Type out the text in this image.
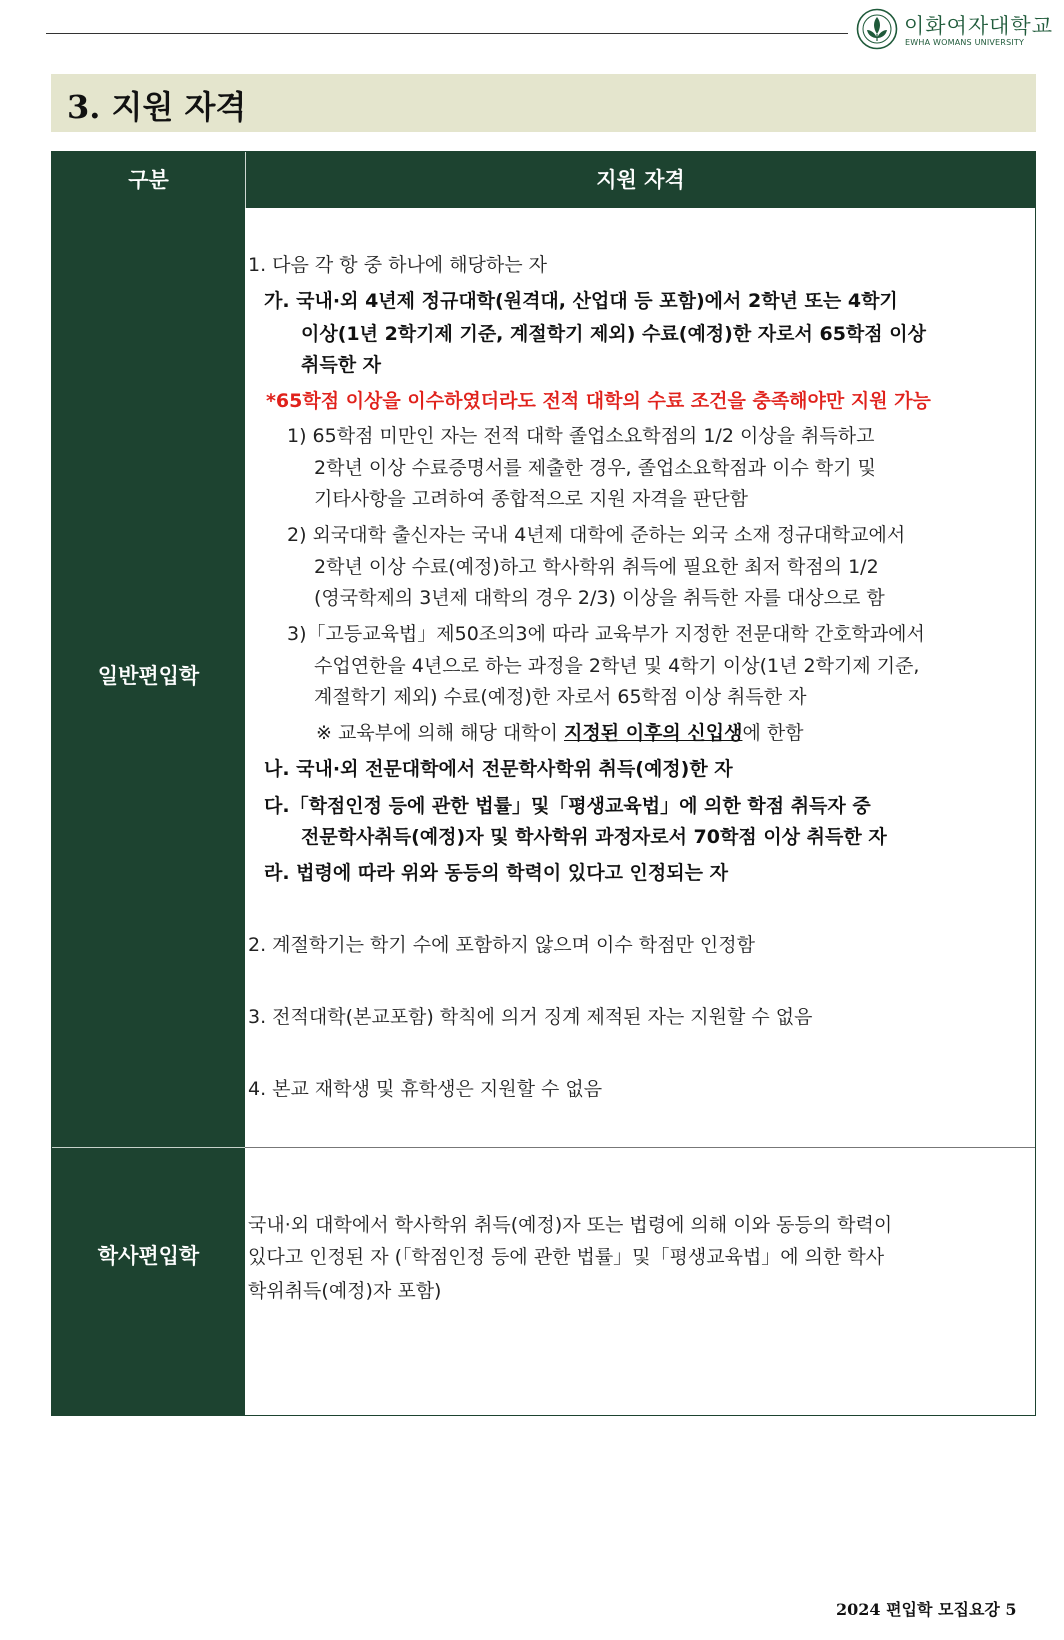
이화여자대학교
EWHA WOMANS UNIVERSITY
3. 지원 자격
구분	지원 자격
일반편입학
학사편입학
1. 다음 각 항 중 하나에 해당하는 자
가. 국내·외 4년제 정규대학(원격대, 산업대 등 포함)에서 2학년 또는 4학기
이상(1년 2학기제 기준, 계절학기 제외) 수료(예정)한 자로서 65학점 이상
취득한 자
*65학점 이상을 이수하였더라도 전적 대학의 수료 조건을 충족해야만 지원 가능
1) 65학점 미만인 자는 전적 대학 졸업소요학점의 1/2 이상을 취득하고
2학년 이상 수료증명서를 제출한 경우, 졸업소요학점과 이수 학기 및
기타사항을 고려하여 종합적으로 지원 자격을 판단함
2) 외국대학 출신자는 국내 4년제 대학에 준하는 외국 소재 정규대학교에서
2학년 이상 수료(예정)하고 학사학위 취득에 필요한 최저 학점의 1/2
(영국학제의 3년제 대학의 경우 2/3) 이상을 취득한 자를 대상으로 함
3)「고등교육법」제50조의3에 따라 교육부가 지정한 전문대학 간호학과에서
수업연한을 4년으로 하는 과정을 2학년 및 4학기 이상(1년 2학기제 기준,
계절학기 제외) 수료(예정)한 자로서 65학점 이상 취득한 자
※ 교육부에 의해 해당 대학이 지정된 이후의 신입생에 한함
나. 국내·외 전문대학에서 전문학사학위 취득(예정)한 자
다.「학점인정 등에 관한 법률」및「평생교육법」에 의한 학점 취득자 중
전문학사취득(예정)자 및 학사학위 과정자로서 70학점 이상 취득한 자
라. 법령에 따라 위와 동등의 학력이 있다고 인정되는 자
2. 계절학기는 학기 수에 포함하지 않으며 이수 학점만 인정함
3. 전적대학(본교포함) 학칙에 의거 징계 제적된 자는 지원할 수 없음
4. 본교 재학생 및 휴학생은 지원할 수 없음
국내·외 대학에서 학사학위 취득(예정)자 또는 법령에 의해 이와 동등의 학력이
있다고 인정된 자 (「학점인정 등에 관한 법률」및「평생교육법」에 의한 학사
학위취득(예정)자 포함)
2024 편입학 모집요강 5
